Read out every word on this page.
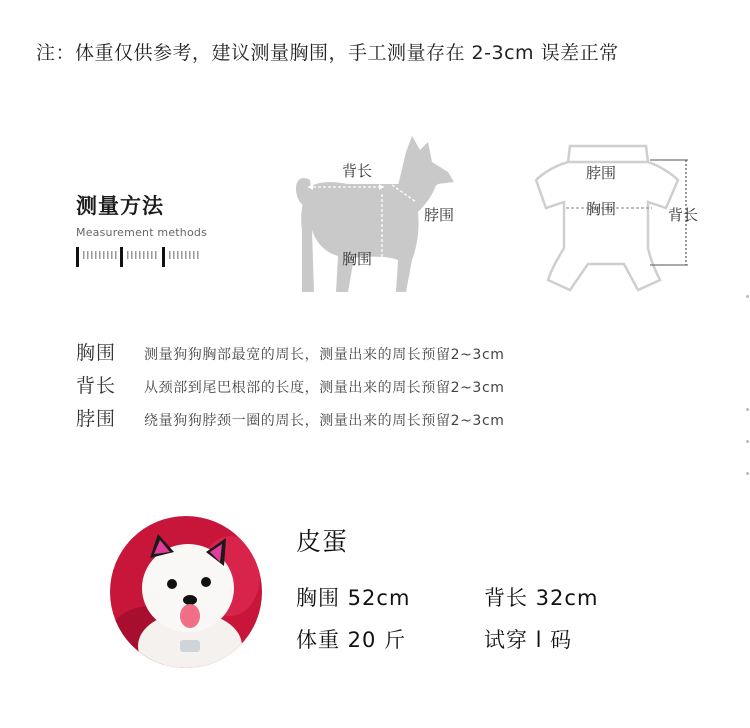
注：体重仅供参考，建议测量胸围，手工测量存在 2-3cm 误差正常
测量方法
Measurement methods
背长
脖围
胸围
脖围
胸围	背长
胸围	测量狗狗胸部最宽的周长，测量出来的周长预留2~3cm
背长	从颈部到尾巴根部的长度，测量出来的周长预留2~3cm
脖围	绕量狗狗脖颈一圈的周长，测量出来的周长预留2~3cm
皮蛋
胸围 52cm	背长 32cm
体重 20 斤	试穿 l 码
